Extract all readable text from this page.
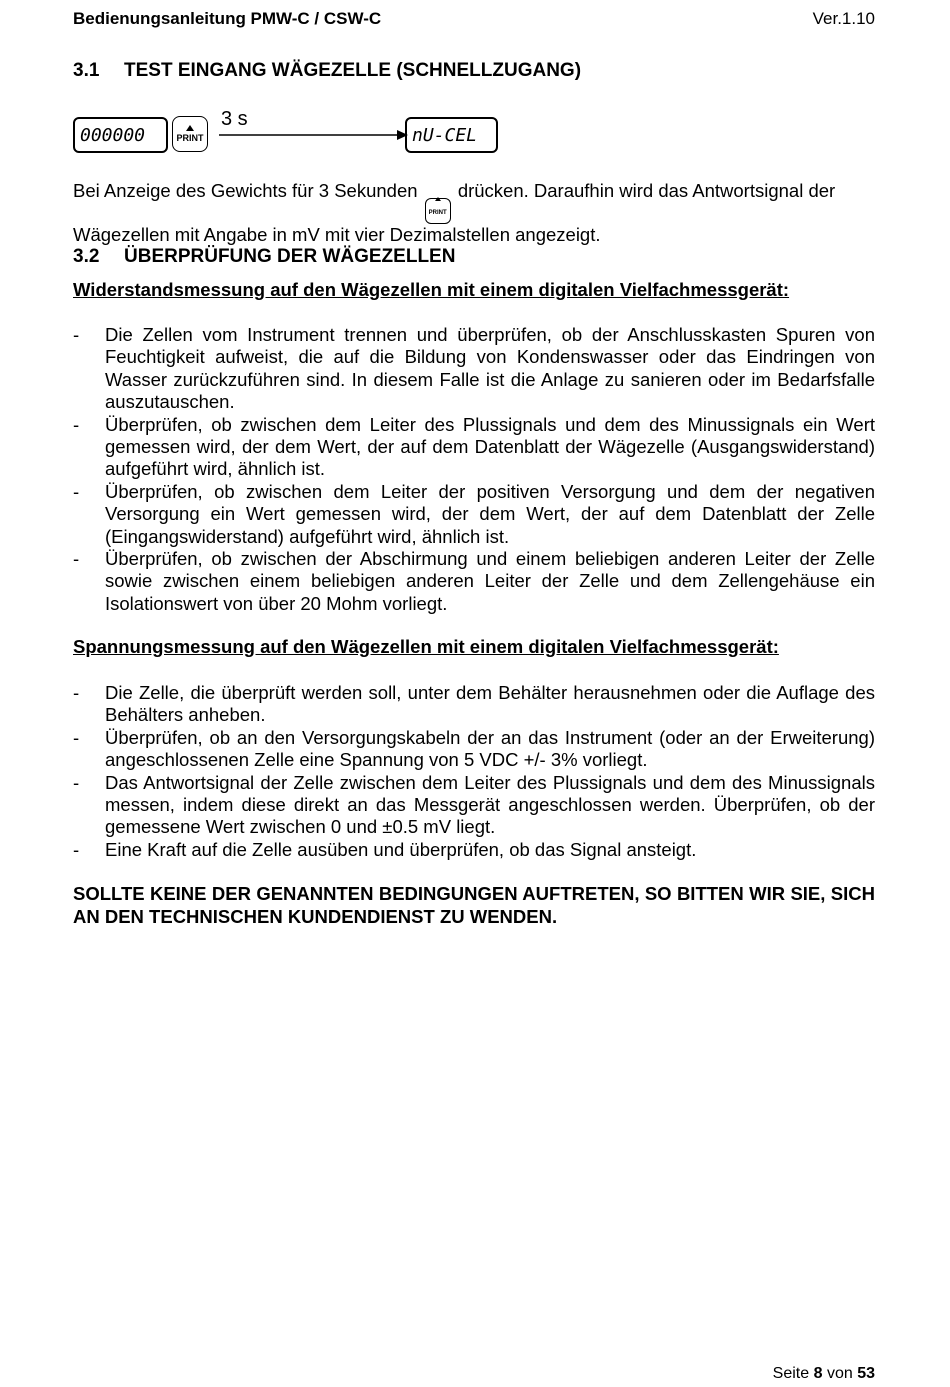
Bedienungsanleitung PMW-C / CSW-C	Ver.1.10
3.1 TEST EINGANG WÄGEZELLE (SCHNELLZUGANG)
000000	PRINT
3 s
nU-CEL
Bei Anzeige des Gewichts für 3 Sekunden
PRINT
drücken. Daraufhin wird das Antwortsignal der Wägezellen mit Angabe in mV mit vier Dezimalstellen angezeigt.
3.2 ÜBERPRÜFUNG DER WÄGEZELLEN
Widerstandsmessung auf den Wägezellen mit einem digitalen Vielfachmessgerät:
- Die Zellen vom Instrument trennen und überprüfen, ob der Anschlusskasten Spuren von Feuchtigkeit aufweist, die auf die Bildung von Kondenswasser oder das Eindringen von Wasser zurückzuführen sind. In diesem Falle ist die Anlage zu sanieren oder im Bedarfsfalle auszutauschen.
- Überprüfen, ob zwischen dem Leiter des Plussignals und dem des Minussignals ein Wert gemessen wird, der dem Wert, der auf dem Datenblatt der Wägezelle (Ausgangswiderstand) aufgeführt wird, ähnlich ist.
- Überprüfen, ob zwischen dem Leiter der positiven Versorgung und dem der negativen Versorgung ein Wert gemessen wird, der dem Wert, der auf dem Datenblatt der Zelle (Eingangswiderstand) aufgeführt wird, ähnlich ist.
- Überprüfen, ob zwischen der Abschirmung und einem beliebigen anderen Leiter der Zelle sowie zwischen einem beliebigen anderen Leiter der Zelle und dem Zellengehäuse ein Isolationswert von über 20 Mohm vorliegt.
Spannungsmessung auf den Wägezellen mit einem digitalen Vielfachmessgerät:
- Die Zelle, die überprüft werden soll, unter dem Behälter herausnehmen oder die Auflage des Behälters anheben.
- Überprüfen, ob an den Versorgungskabeln der an das Instrument (oder an der Erweiterung) angeschlossenen Zelle eine Spannung von 5 VDC +/- 3% vorliegt.
- Das Antwortsignal der Zelle zwischen dem Leiter des Plussignals und dem des Minussignals messen, indem diese direkt an das Messgerät angeschlossen werden. Überprüfen, ob der gemessene Wert zwischen 0 und ±0.5 mV liegt.
- Eine Kraft auf die Zelle ausüben und überprüfen, ob das Signal ansteigt.
SOLLTE KEINE DER GENANNTEN BEDINGUNGEN AUFTRETEN, SO BITTEN WIR SIE, SICH AN DEN TECHNISCHEN KUNDENDIENST ZU WENDEN.
Seite 8 von 53
